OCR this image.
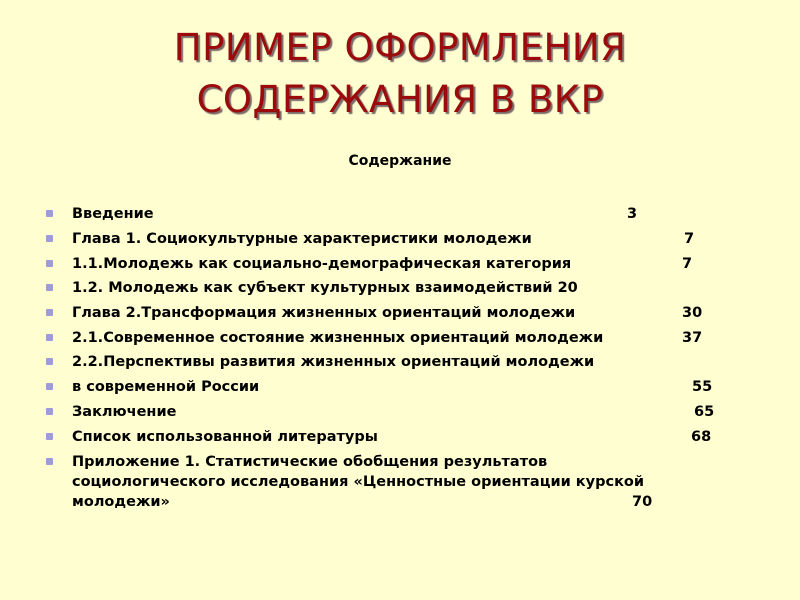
ПРИМЕР ОФОРМЛЕНИЯ
СОДЕРЖАНИЯ В ВКР
Содержание
Введение	3
Глава 1. Социокультурные характеристики молодежи	7
1.1.Молодежь как социально-демографическая категория	7
1.2. Молодежь как субъект культурных взаимодействий 20
Глава 2.Трансформация жизненных ориентаций молодежи	30
2.1.Современное состояние жизненных ориентаций молодежи	37
2.2.Перспективы развития жизненных ориентаций молодежи
в современной России	55
Заключение	65
Список использованной литературы	68
Приложение 1. Статистические обобщения результатов
социологического исследования «Ценностные ориентации курской
молодежи»	70
